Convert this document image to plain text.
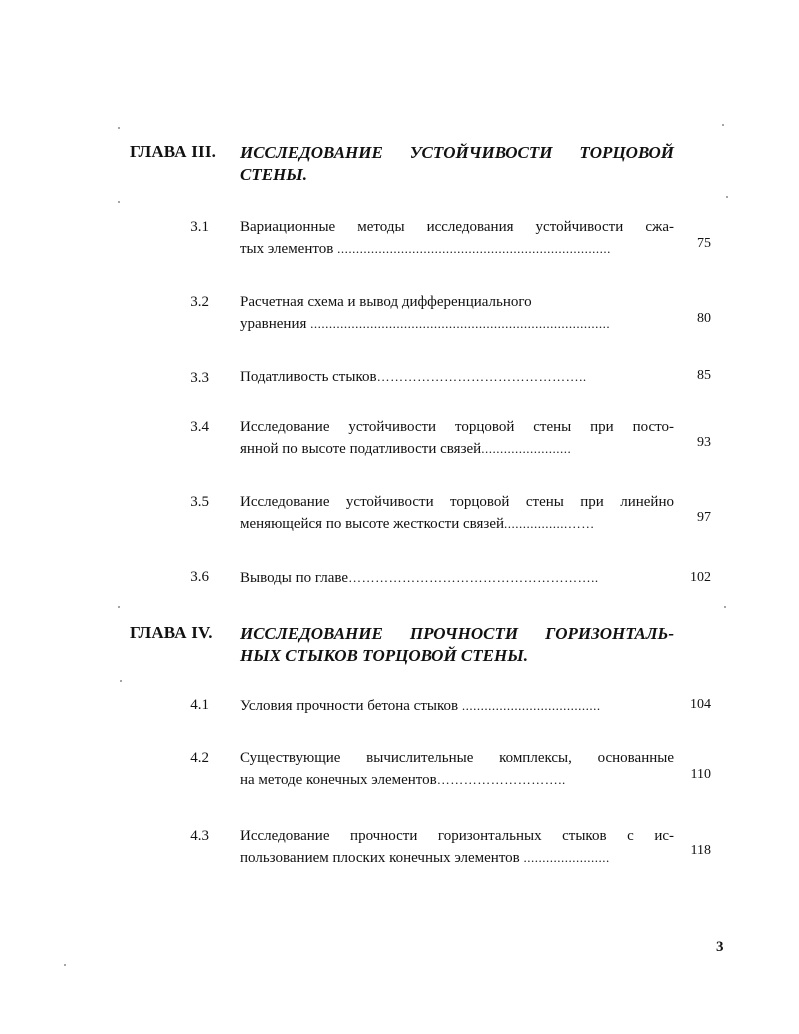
ГЛАВА III. ИССЛЕДОВАНИЕ УСТОЙЧИВОСТИ ТОРЦОВОЙ
СТЕНЫ.
3.1 Вариационные методы исследования устойчивости сжа-
тых элементов .........................................................................	75
3.2 Расчетная схема и вывод дифференциального
уравнения ................................................................................	80
3.3 Податливость стыков………………………………………..	85
3.4 Исследование устойчивости торцовой стены при посто-
янной по высоте податливости связей........................	93
3.5 Исследование устойчивости торцовой стены при линейно
меняющейся по высоте жесткости связей.................……	97
3.6 Выводы по главе………………………………………………..	102
ГЛАВА IV. ИССЛЕДОВАНИЕ ПРОЧНОСТИ ГОРИЗОНТАЛЬ-
НЫХ СТЫКОВ ТОРЦОВОЙ СТЕНЫ.
4.1 Условия прочности бетона стыков .....................................	104
4.2 Существующие вычислительные комплексы, основанные
на методе конечных элементов………………………..	110
4.3 Исследование прочности горизонтальных стыков с ис-
пользованием плоских конечных элементов .......................	118
3
